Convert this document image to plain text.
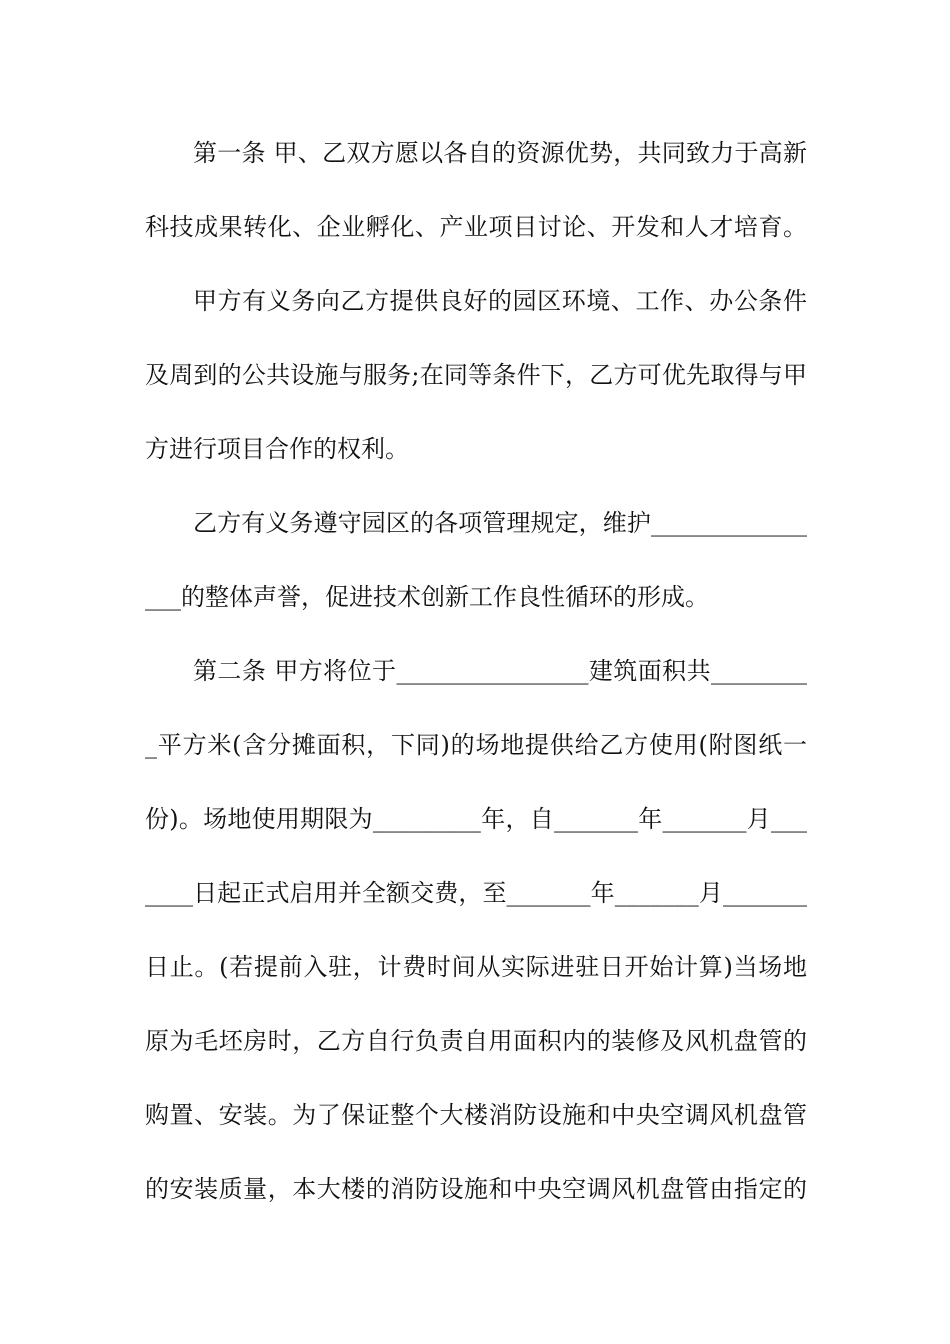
第一条 甲、乙双方愿以各自的资源优势，共同致力于高新
科技成果转化、企业孵化、产业项目讨论、开发和人才培育。
甲方有义务向乙方提供良好的园区环境、工作、办公条件
及周到的公共设施与服务;在同等条件下，乙方可优先取得与甲
方进行项目合作的权利。
乙方有义务遵守园区的各项管理规定，维护_____________
___的整体声誉，促进技术创新工作良性循环的形成。
第二条 甲方将位于________________建筑面积共________
_平方米(含分摊面积，下同)的场地提供给乙方使用(附图纸一
份)。场地使用期限为_________年，自_______年_______月___
____日起正式启用并全额交费，至_______年_______月_______
日止。(若提前入驻，计费时间从实际进驻日开始计算)当场地
原为毛坯房时，乙方自行负责自用面积内的装修及风机盘管的
购置、安装。为了保证整个大楼消防设施和中央空调风机盘管
的安装质量，本大楼的消防设施和中央空调风机盘管由指定的
